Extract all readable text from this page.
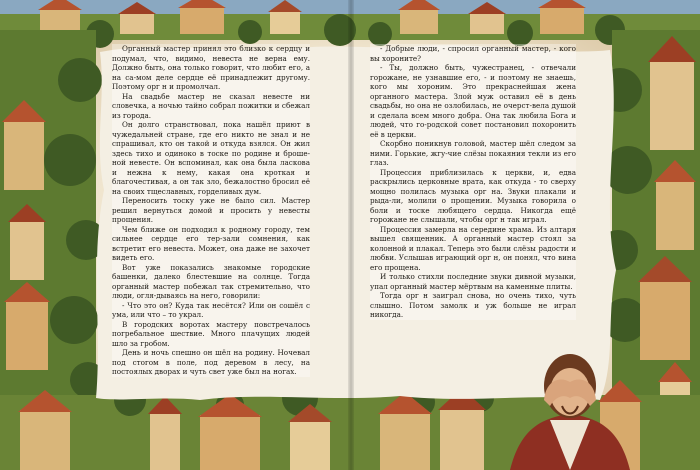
Органный мастер принял это близко к сердцу и подумал, что, видимо, невеста не верна ему. Должно быть, она только говорит, что любит его, а на са-мом деле сердце её принадлежит другому. Поэтому орг н и промолчал.

На свадьбе мастер не сказал невесте ни словечка, а ночью тайно собрал пожитки и сбежал из города.

Он долго странствовал, пока нашёл приют в чужедальней стране, где его никто не знал и не спрашивал, кто он такой и откуда взялся. Он жил здесь тихо и одиноко в тоске по родине и броше-ной невесте. Он вспоминал, как она была ласкова и нежна к нему, какая она кроткая и благочестивая, а он так зло, бежалостно бросил её на своих тщеславных, горделивых дум.

Переносить тоску уже не было сил. Мастер решил вернуться домой и просить у невесты прощения.

Чем ближе он подходил к родному городу, тем сильнее сердце его тер-зали сомнения, как встретит его невеста. Может, она даже не захочет видеть его.

Вот уже показались знакомые городские башенки, далеко блестевшие на солнце. Тогда органный мастер побежал так стремительно, что люди, огля-дываясь на него, говорили:

- Что это он? Куда так несётся? Или он сошёл с ума, или что – то украл.

В городских воротах мастеру повстречалось погребальное шествие. Много плачущих людей шло за гробом.

День и ночь спешно он шёл на родину. Ночевал под стогом в поле, под деревом в лесу, на постоялых дворах и чуть свет уже был на ногах.

- Добрые люди, - спросил органный мастер, - кого вы хороните?

- Ты, должно быть, чужестранец, - отвечали горожане, не узнавшие его, - и поэтому не знаешь, кого мы хороним. Это прекраснейшая жена органного мастера. Злой муж оставил её в день свадьбы, но она не озлобилась, не очерст-вела душой и сделала всем много добра. Она так любила Бога и людей, что го-родской совет постановил похоронить её в церкви.

Скорбно поникнув головой, мастер шёл следом за ними. Горькие, жгу-чие слёзы покаяния текли из его глаз.

Процессия приблизилась к церкви, и, едва раскрылись церковные врата, как откуда - то сверху мощно полилась музыка орг на. Звуки плакали и рыда-ли, молили о прощении. Музыка говорила о боли и тоске любящего сердца. Никогда ещё горожане не слышали, чтобы орг н так играл.

Процессия замерла на середине храма. Из алтаря вышел священник. А органный мастер стоял за колонной и плакал. Теперь это были слёзы радости и любви. Услышав играющий орг н, он понял, что вина его прощена.

И только стихли последние звуки дивной музыки, упал органный мастер мёртвым на каменные плиты.

Тогда орг н заиграл снова, но очень тихо, чуть слышно. Потом замолк и уж больше не играл никогда.
